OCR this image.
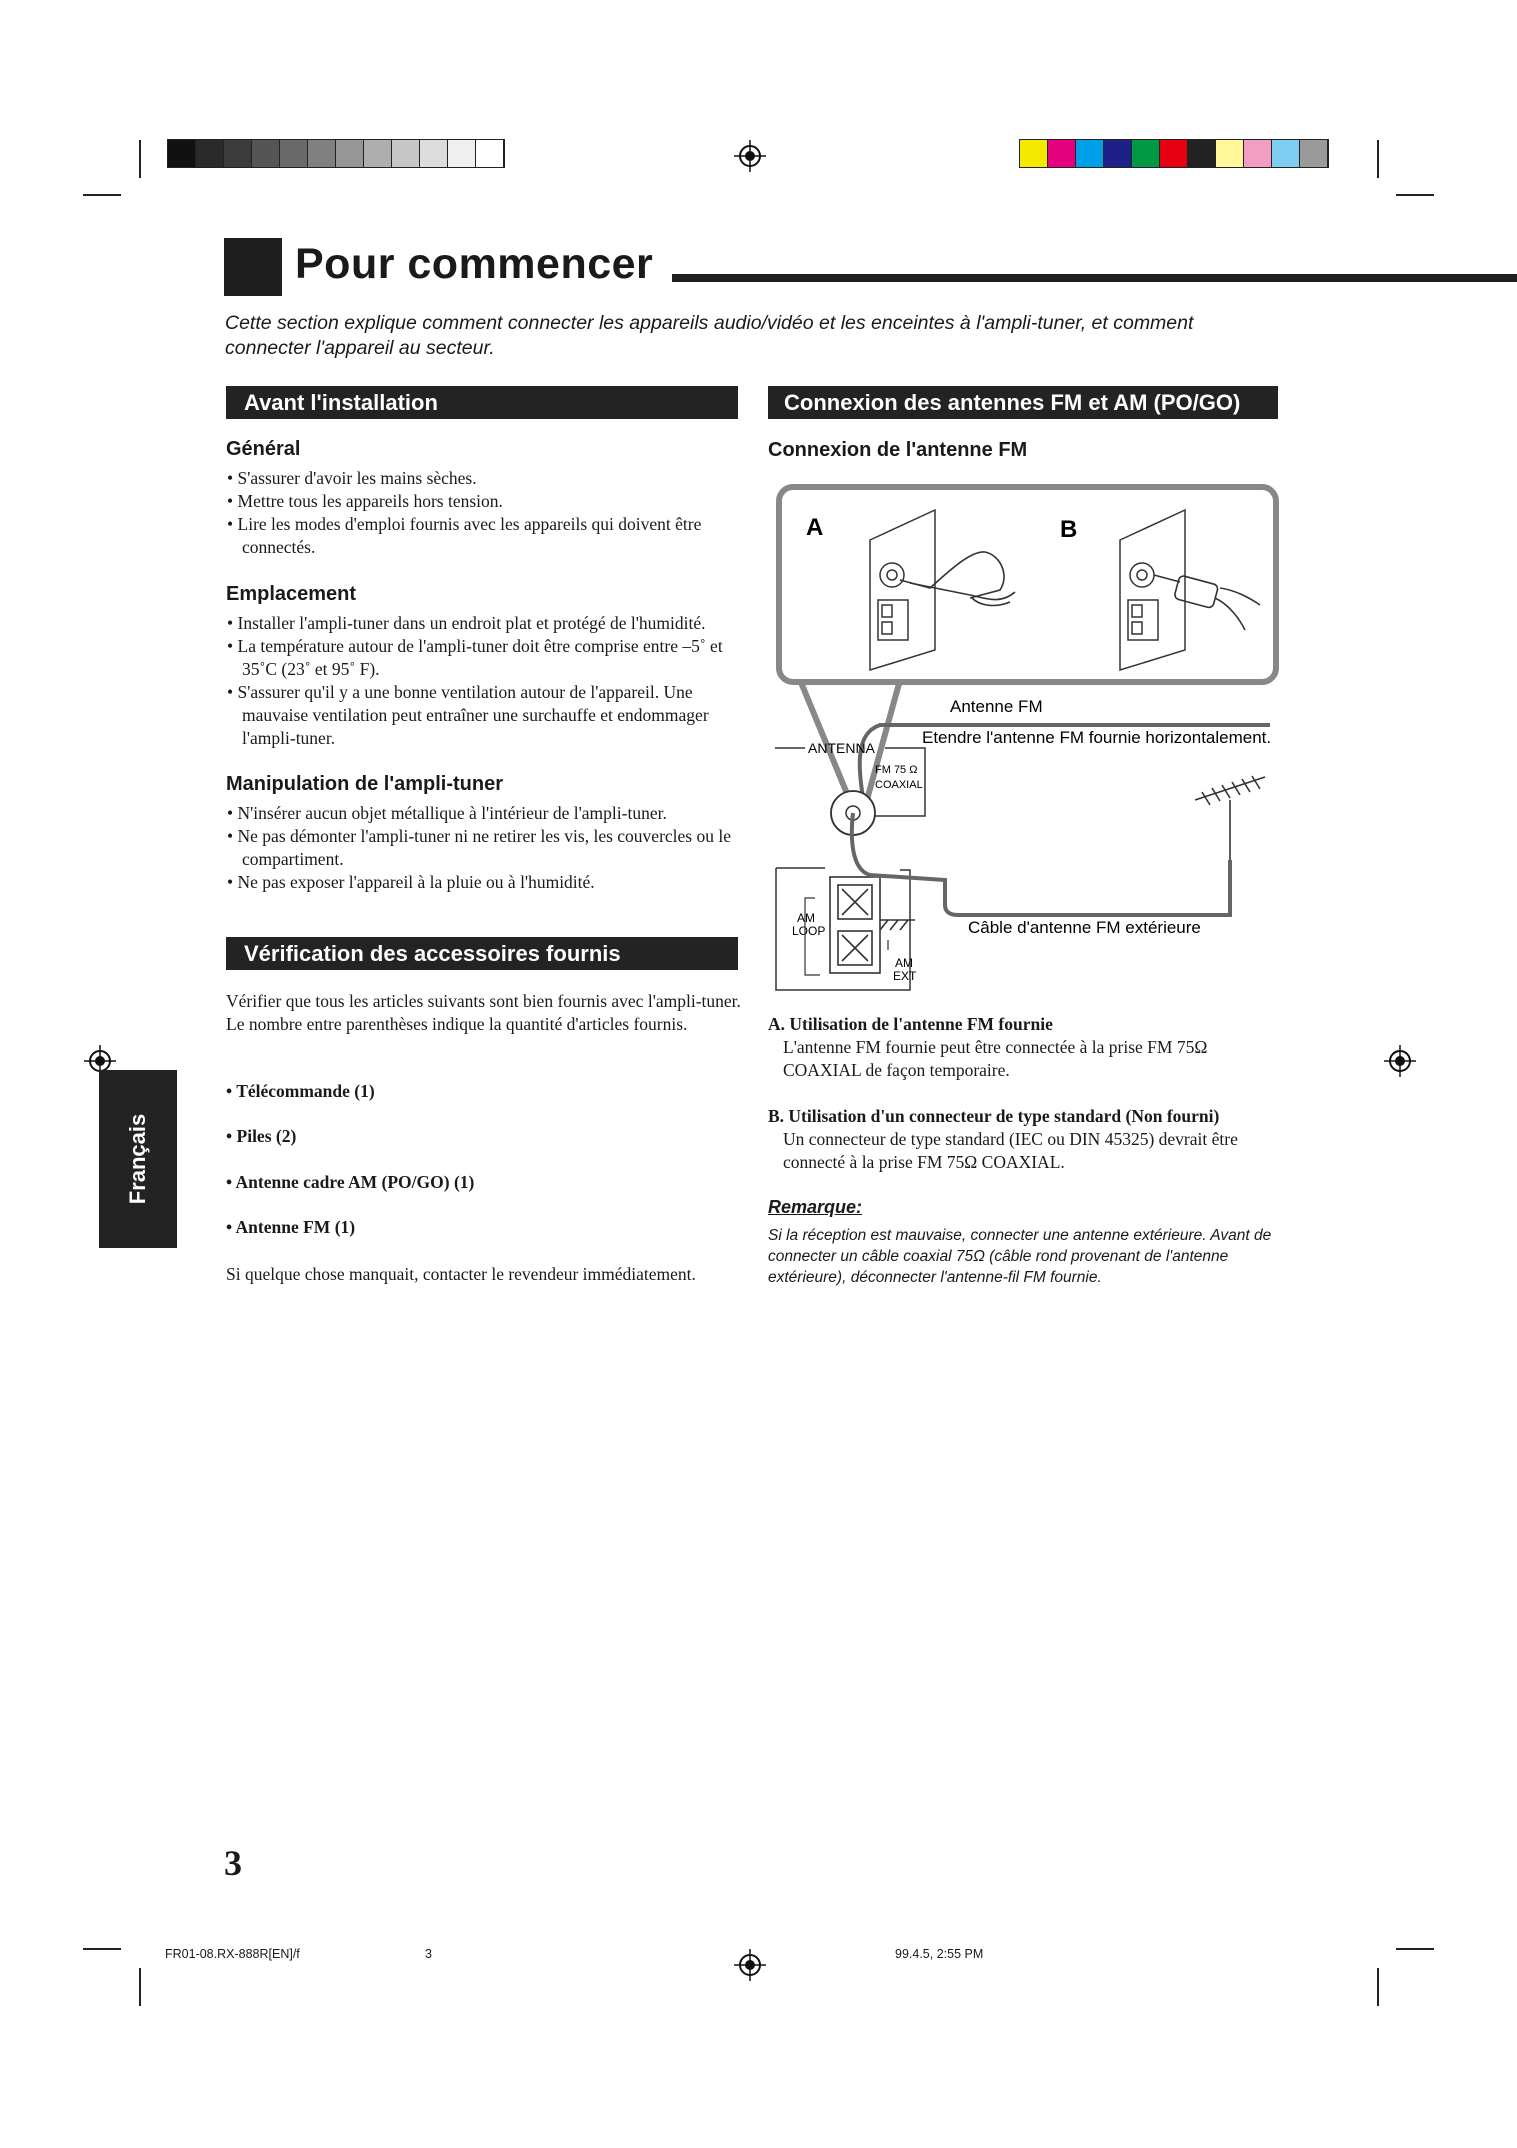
Pour commencer
Cette section explique comment connecter les appareils audio/vidéo et les enceintes à l'ampli-tuner, et comment connecter l'appareil au secteur.
Avant l'installation
Général
• S'assurer d'avoir les mains sèches.
• Mettre tous les appareils hors tension.
• Lire les modes d'emploi fournis avec les appareils qui doivent être connectés.
Emplacement
• Installer l'ampli-tuner dans un endroit plat et protégé de l'humidité.
• La température autour de l'ampli-tuner doit être comprise entre –5˚ et 35˚C (23˚ et 95˚ F).
• S'assurer qu'il y a une bonne ventilation autour de l'appareil. Une mauvaise ventilation peut entraîner une surchauffe et endommager l'ampli-tuner.
Manipulation de l'ampli-tuner
• N'insérer aucun objet métallique à l'intérieur de l'ampli-tuner.
• Ne pas démonter l'ampli-tuner ni ne retirer les vis, les couvercles ou le compartiment.
• Ne pas exposer l'appareil à la pluie ou à l'humidité.
Vérification des accessoires fournis
Vérifier que tous les articles suivants sont bien fournis avec l'ampli-tuner.
Le nombre entre parenthèses indique la quantité d'articles fournis.
• Télécommande (1)
• Piles (2)
• Antenne cadre AM (PO/GO) (1)
• Antenne FM (1)
Si quelque chose manquait, contacter le revendeur immédiatement.
Français
Connexion des antennes FM et AM (PO/GO)
Connexion de l'antenne FM
A	B
Antenne FM
Etendre l'antenne FM fournie horizontalement.
ANTENNA
FM 75 Ω
COAXIAL
AM
LOOP
AM
EXT
Câble d'antenne FM extérieure
A. Utilisation de l'antenne FM fournie
L'antenne FM fournie peut être connectée à la prise FM 75Ω COAXIAL de façon temporaire.
B. Utilisation d'un connecteur de type standard (Non fourni)
Un connecteur de type standard (IEC ou DIN 45325) devrait être connecté à la prise FM 75Ω COAXIAL.
Remarque:
Si la réception est mauvaise, connecter une antenne extérieure. Avant de connecter un câble coaxial 75Ω (câble rond provenant de l'antenne extérieure), déconnecter l'antenne-fil FM fournie.
3
FR01-08.RX-888R[EN]/f	3	99.4.5, 2:55 PM
